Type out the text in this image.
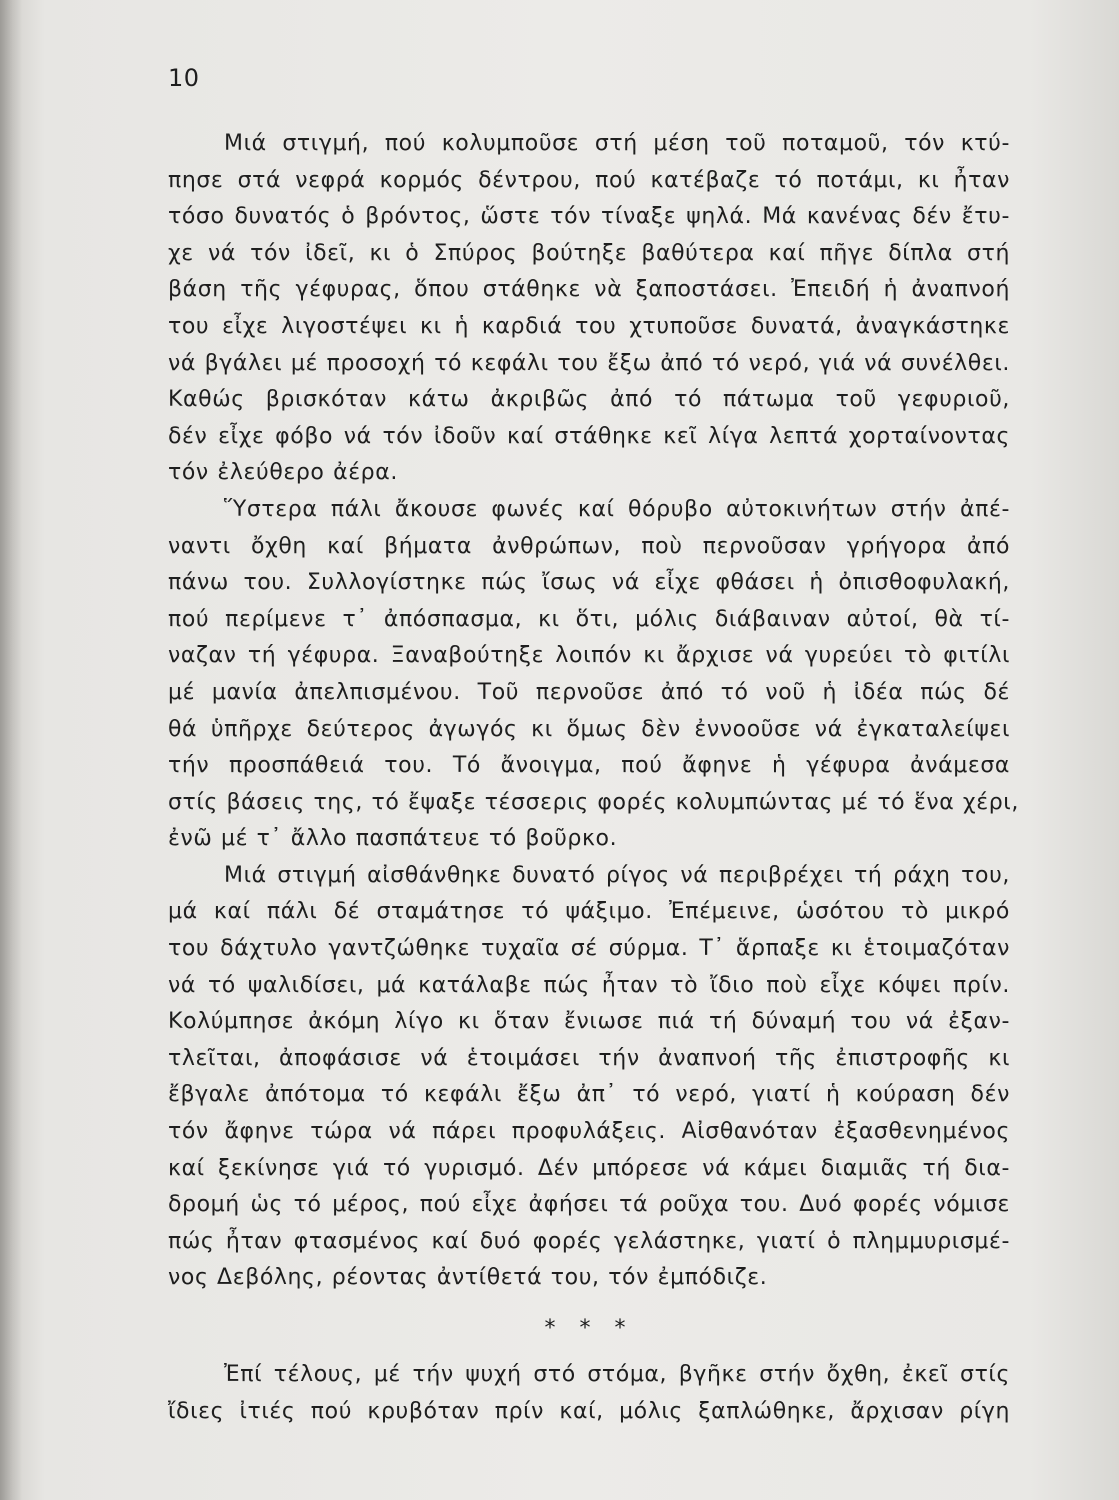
10

Μιά στιγμή, πού κολυμποῦσε στή μέση τοῦ ποταμοῦ, τόν κτύ-
πησε στά νεφρά κορμός δέντρου, πού κατέβαζε τό ποτάμι, κι ἦταν
τόσο δυνατός ὁ βρόντος, ὥστε τόν τίναξε ψηλά. Μά κανένας δέν ἔτυ-
χε νά τόν ἰδεῖ, κι ὁ Σπύρος βούτηξε βαθύτερα καί πῆγε δίπλα στή
βάση τῆς γέφυρας, ὅπου στάθηκε νὰ ξαποστάσει. Ἐπειδή ἡ ἀναπνοή
του εἶχε λιγοστέψει κι ἡ καρδιά του χτυποῦσε δυνατά, ἀναγκάστηκε
νά βγάλει μέ προσοχή τό κεφάλι του ἔξω ἀπό τό νερό, γιά νά συνέλθει.
Καθώς βρισκόταν κάτω ἀκριβῶς ἀπό τό πάτωμα τοῦ γεφυριοῦ,
δέν εἶχε φόβο νά τόν ἰδοῦν καί στάθηκε κεῖ λίγα λεπτά χορταίνοντας
τόν ἐλεύθερο ἀέρα.

Ὕστερα πάλι ἄκουσε φωνές καί θόρυβο αὐτοκινήτων στήν ἀπέ-
ναντι ὄχθη καί βήματα ἀνθρώπων, ποὺ περνοῦσαν γρήγορα ἀπό
πάνω του. Συλλογίστηκε πώς ἴσως νά εἶχε φθάσει ἡ ὀπισθοφυλακή,
πού περίμενε τ᾽ ἀπόσπασμα, κι ὅτι, μόλις διάβαιναν αὐτοί, θὰ τί-
ναζαν τή γέφυρα. Ξαναβούτηξε λοιπόν κι ἄρχισε νά γυρεύει τὸ φιτίλι
μέ μανία ἀπελπισμένου. Τοῦ περνοῦσε ἀπό τό νοῦ ἡ ἰδέα πώς δέ
θά ὑπῆρχε δεύτερος ἀγωγός κι ὅμως δὲν ἐννοοῦσε νά ἐγκαταλείψει
τήν προσπάθειά του. Τό ἄνοιγμα, πού ἄφηνε ἡ γέφυρα ἀνάμεσα
στίς βάσεις της, τό ἔψαξε τέσσερις φορές κολυμπώντας μέ τό ἕνα χέρι,
ἐνῶ μέ τ᾽ ἄλλο πασπάτευε τό βοῦρκο.

Μιά στιγμή αἰσθάνθηκε δυνατό ρίγος νά περιβρέχει τή ράχη του,
μά καί πάλι δέ σταμάτησε τό ψάξιμο. Ἐπέμεινε, ὡσότου τὸ μικρό
του δάχτυλο γαντζώθηκε τυχαῖα σέ σύρμα. Τ᾽ ἅρπαξε κι ἑτοιμαζόταν
νά τό ψαλιδίσει, μά κατάλαβε πώς ἦταν τὸ ἴδιο ποὺ εἶχε κόψει πρίν.
Κολύμπησε ἀκόμη λίγο κι ὅταν ἔνιωσε πιά τή δύναμή του νά ἐξαν-
τλεῖται, ἀποφάσισε νά ἑτοιμάσει τήν ἀναπνοή τῆς ἐπιστροφῆς κι
ἔβγαλε ἀπότομα τό κεφάλι ἔξω ἀπ᾽ τό νερό, γιατί ἡ κούραση δέν
τόν ἄφηνε τώρα νά πάρει προφυλάξεις. Αἰσθανόταν ἐξασθενημένος
καί ξεκίνησε γιά τό γυρισμό. Δέν μπόρεσε νά κάμει διαμιᾶς τή δια-
δρομή ὡς τό μέρος, πού εἶχε ἀφήσει τά ροῦχα του. Δυό φορές νόμισε
πώς ἦταν φτασμένος καί δυό φορές γελάστηκε, γιατί ὁ πλημμυρισμέ-
νος Δεβόλης, ρέοντας ἀντίθετά του, τόν ἐμπόδιζε.

* * *

Ἐπί τέλους, μέ τήν ψυχή στό στόμα, βγῆκε στήν ὄχθη, ἐκεῖ στίς
ἴδιες ἰτιές πού κρυβόταν πρίν καί, μόλις ξαπλώθηκε, ἄρχισαν ρίγη
